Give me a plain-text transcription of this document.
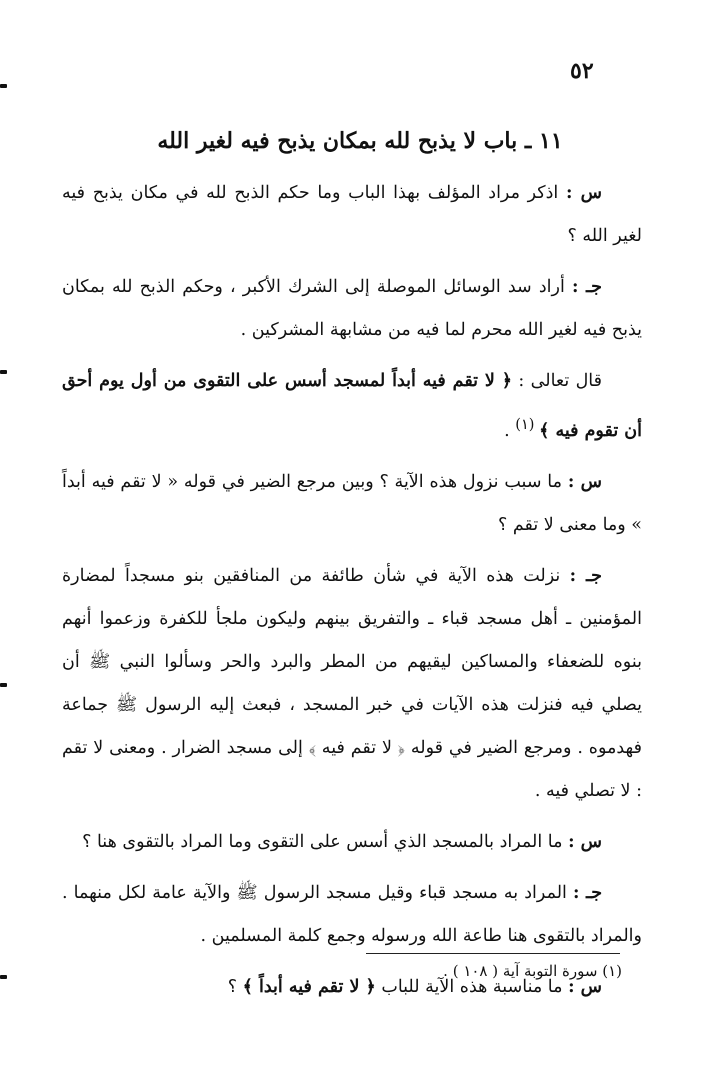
٥٢
١١ ـ باب لا يذبح لله بمكان يذبح فيه لغير الله

س : اذكر مراد المؤلف بهذا الباب وما حكم الذبح لله في مكان يذبح فيه لغير الله ؟

جـ : أراد سد الوسائل الموصلة إلى الشرك الأكبر ، وحكم الذبح لله بمكان يذبح فيه لغير الله محرم لما فيه من مشابهة المشركين .

قال تعالى : ﴿ لا تقم فيه أبداً لمسجد أسس على التقوى من أول يوم أحق أن تقوم فيه ﴾ $^{(١)}$ .

س : ما سبب نزول هذه الآية ؟ وبين مرجع الضير في قوله « لا تقم فيه أبداً » وما معنى لا تقم ؟

جـ : نزلت هذه الآية في شأن طائفة من المنافقين بنو مسجداً لمضارة المؤمنين ـ أهل مسجد قباء ـ والتفريق بينهم وليكون ملجأ للكفرة وزعموا أنهم بنوه للضعفاء والمساكين ليقيهم من المطر والبرد والحر وسألوا النبي ﷺ أن يصلي فيه فنزلت هذه الآيات في خبر المسجد ، فبعث إليه الرسول ﷺ جماعة فهدموه . ومرجع الضير في قوله ﴿ لا تقم فيه ﴾ إلى مسجد الضرار . ومعنى لا تقم : لا تصلي فيه .

س : ما المراد بالمسجد الذي أسس على التقوى وما المراد بالتقوى هنا ؟

جـ : المراد به مسجد قباء وقيل مسجد الرسول ﷺ والآية عامة لكل منهما . والمراد بالتقوى هنا طاعة الله ورسوله وجمع كلمة المسلمين .

س : ما مناسبة هذه الآية للباب ﴿ لا تقم فيه أبداً ﴾ ؟

(١) سورة التوبة آية ( ١٠٨ ) .
